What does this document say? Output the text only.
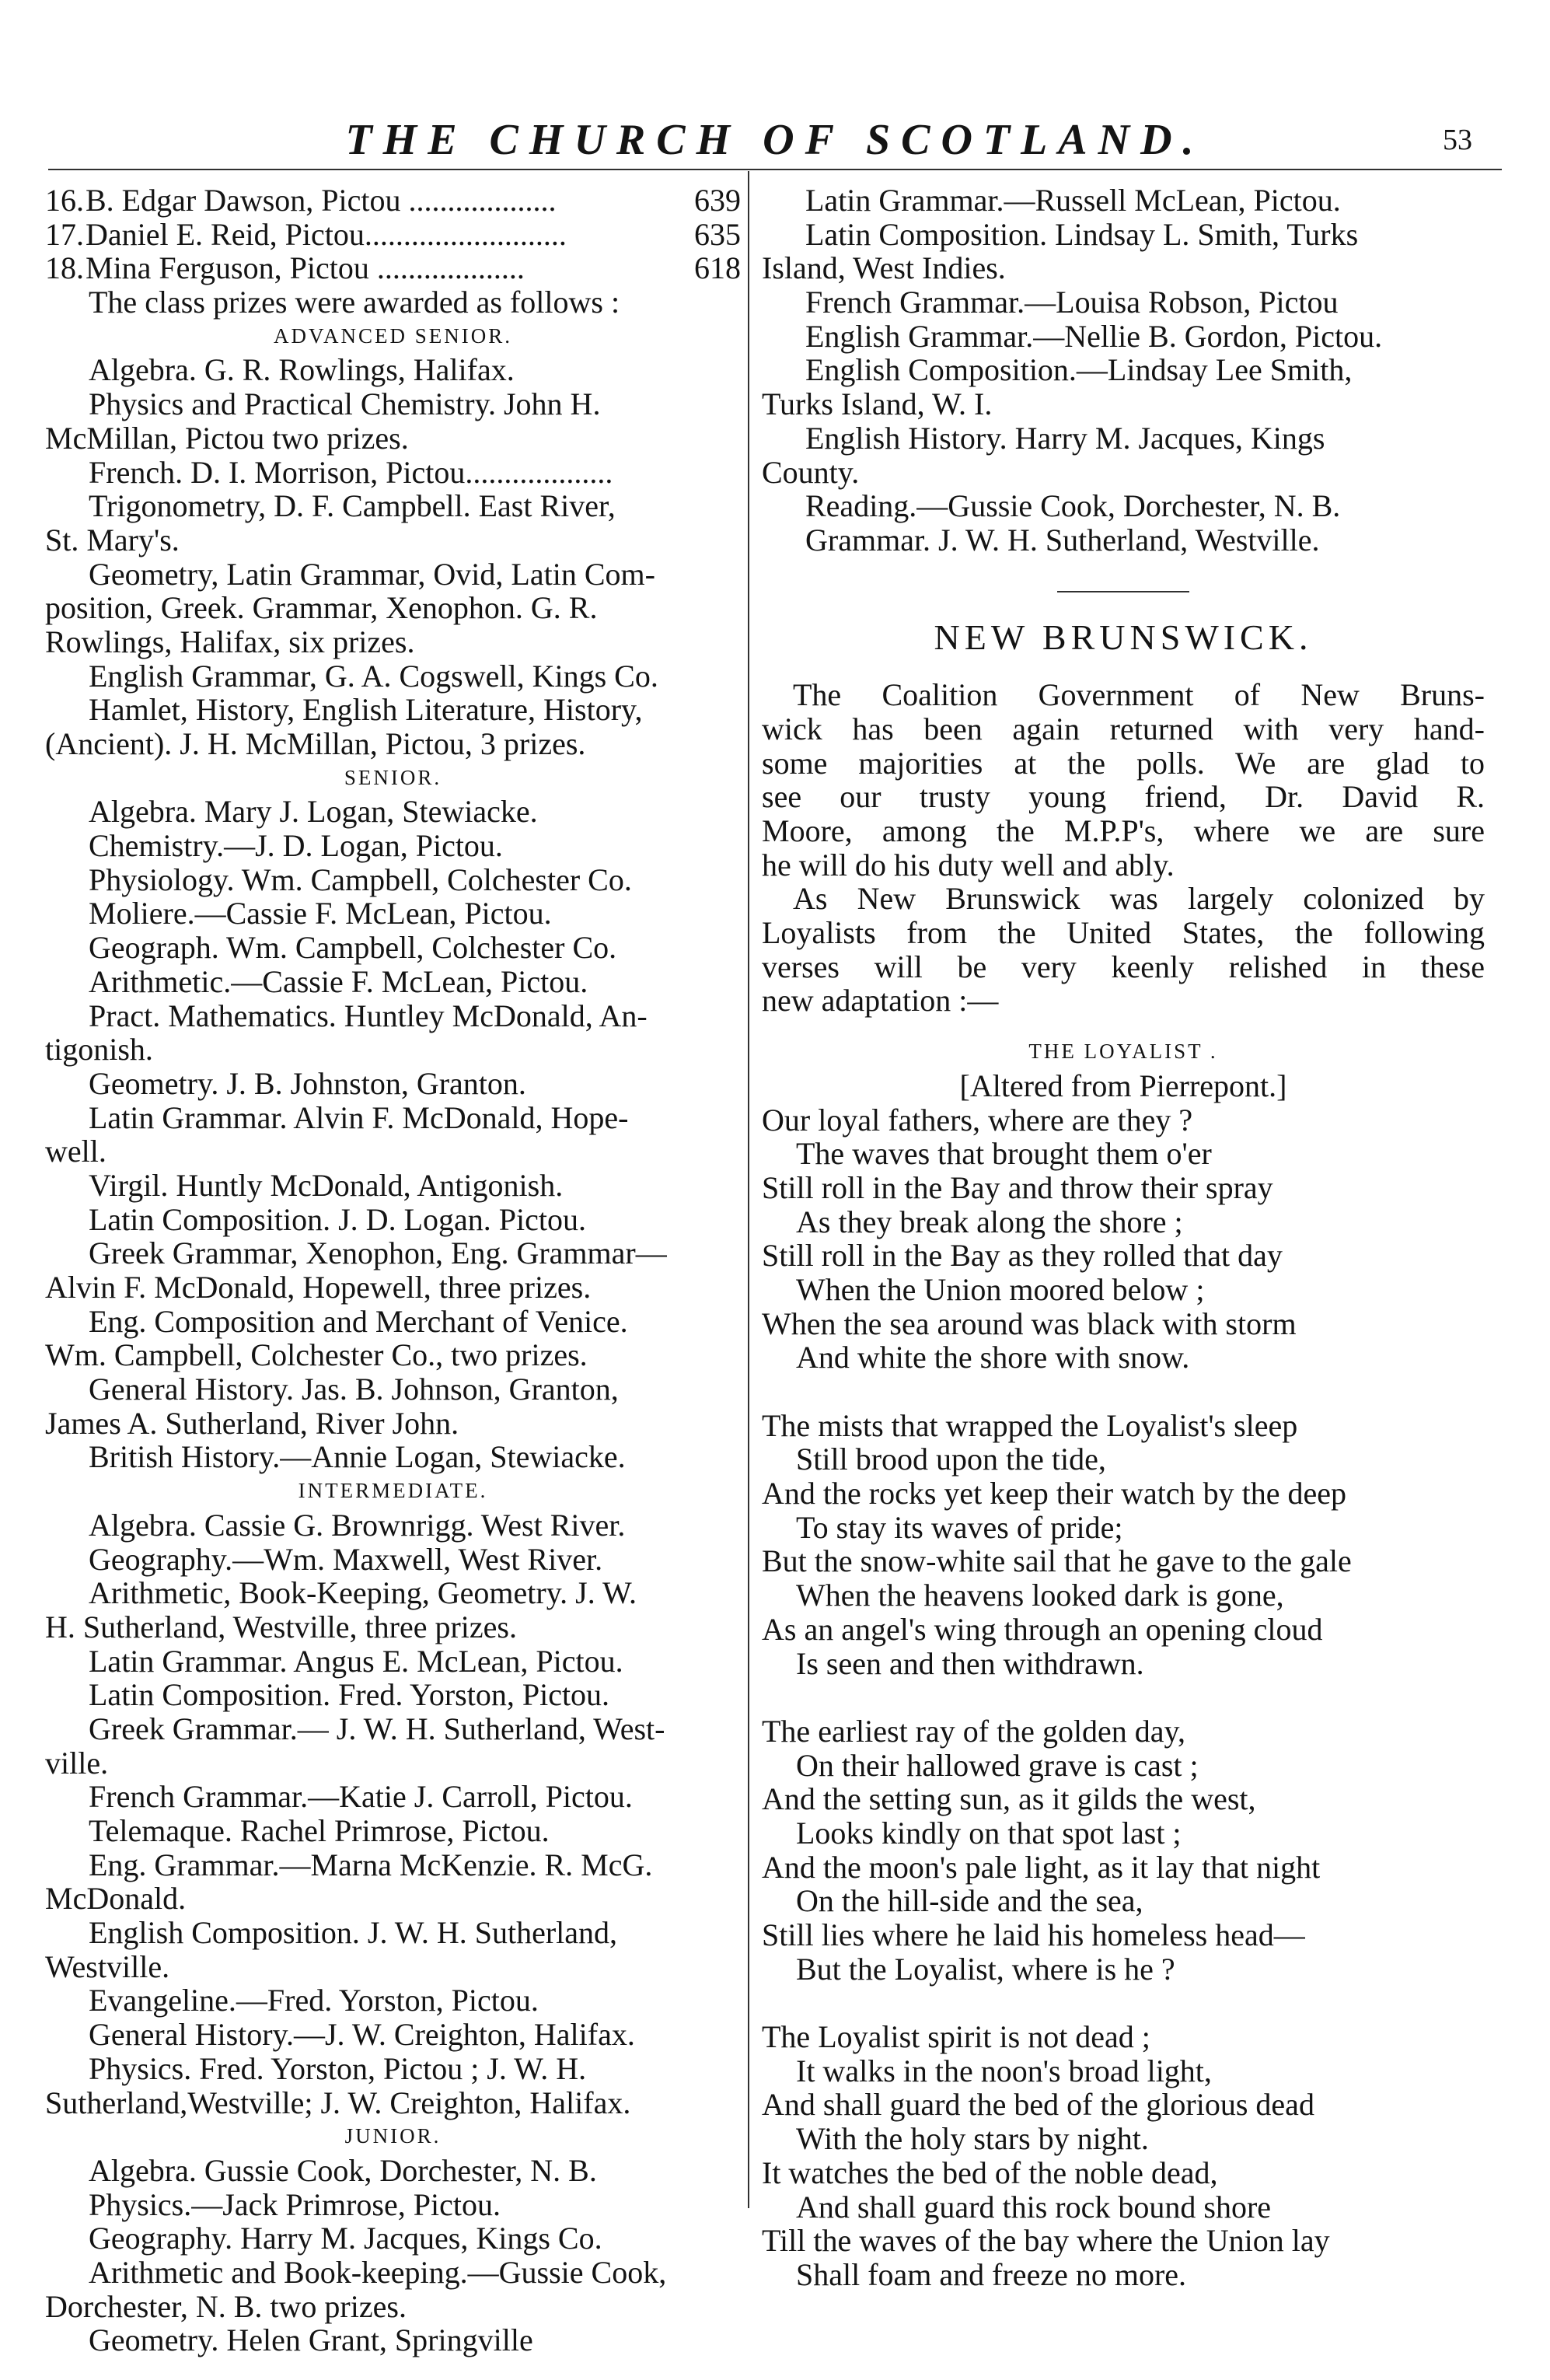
THE CHURCH OF SCOTLAND.	53
16. B. Edgar Dawson, Pictou ...................	639
17. Daniel E. Reid, Pictou..........................	635
18. Mina Ferguson, Pictou ...................	618
The class prizes were awarded as follows :
ADVANCED SENIOR.
Algebra. G. R. Rowlings, Halifax.
Physics and Practical Chemistry. John H.
McMillan, Pictou two prizes.
French. D. I. Morrison, Pictou...................
Trigonometry, D. F. Campbell. East River,
St. Mary's.
Geometry, Latin Grammar, Ovid, Latin Com-
position, Greek. Grammar, Xenophon. G. R.
Rowlings, Halifax, six prizes.
English Grammar, G. A. Cogswell, Kings Co.
Hamlet, History, English Literature, History,
(Ancient). J. H. McMillan, Pictou, 3 prizes.
SENIOR.
Algebra. Mary J. Logan, Stewiacke.
Chemistry.—J. D. Logan, Pictou.
Physiology. Wm. Campbell, Colchester Co.
Moliere.—Cassie F. McLean, Pictou.
Geograph. Wm. Campbell, Colchester Co.
Arithmetic.—Cassie F. McLean, Pictou.
Pract. Mathematics. Huntley McDonald, An-
tigonish.
Geometry. J. B. Johnston, Granton.
Latin Grammar. Alvin F. McDonald, Hope-
well.
Virgil. Huntly McDonald, Antigonish.
Latin Composition. J. D. Logan. Pictou.
Greek Grammar, Xenophon, Eng. Grammar—
Alvin F. McDonald, Hopewell, three prizes.
Eng. Composition and Merchant of Venice.
Wm. Campbell, Colchester Co., two prizes.
General History. Jas. B. Johnson, Granton,
James A. Sutherland, River John.
British History.—Annie Logan, Stewiacke.
INTERMEDIATE.
Algebra. Cassie G. Brownrigg. West River.
Geography.—Wm. Maxwell, West River.
Arithmetic, Book-Keeping, Geometry. J. W.
H. Sutherland, Westville, three prizes.
Latin Grammar. Angus E. McLean, Pictou.
Latin Composition. Fred. Yorston, Pictou.
Greek Grammar.— J. W. H. Sutherland, West-
ville.
French Grammar.—Katie J. Carroll, Pictou.
Telemaque. Rachel Primrose, Pictou.
Eng. Grammar.—Marna McKenzie. R. McG.
McDonald.
English Composition. J. W. H. Sutherland,
Westville.
Evangeline.—Fred. Yorston, Pictou.
General History.—J. W. Creighton, Halifax.
Physics. Fred. Yorston, Pictou ; J. W. H.
Sutherland,Westville; J. W. Creighton, Halifax.
JUNIOR.
Algebra. Gussie Cook, Dorchester, N. B.
Physics.—Jack Primrose, Pictou.
Geography. Harry M. Jacques, Kings Co.
Arithmetic and Book-keeping.—Gussie Cook,
Dorchester, N. B. two prizes.
Geometry. Helen Grant, Springville
Latin Grammar.—Russell McLean, Pictou.
Latin Composition. Lindsay L. Smith, Turks
Island, West Indies.
French Grammar.—Louisa Robson, Pictou
English Grammar.—Nellie B. Gordon, Pictou.
English Composition.—Lindsay Lee Smith,
Turks Island, W. I.
English History. Harry M. Jacques, Kings
County.
Reading.—Gussie Cook, Dorchester, N. B.
Grammar. J. W. H. Sutherland, Westville.
NEW BRUNSWICK.
The Coalition Government of New Bruns-
wick has been again returned with very hand-
some majorities at the polls. We are glad to
see our trusty young friend, Dr. David R.
Moore, among the M.P.P's, where we are sure
he will do his duty well and ably.
As New Brunswick was largely colonized by
Loyalists from the United States, the following
verses will be very keenly relished in these
new adaptation :—
THE LOYALIST .
[Altered from Pierrepont.]
Our loyal fathers, where are they ?
The waves that brought them o'er
Still roll in the Bay and throw their spray
As they break along the shore ;
Still roll in the Bay as they rolled that day
When the Union moored below ;
When the sea around was black with storm
And white the shore with snow.
The mists that wrapped the Loyalist's sleep
Still brood upon the tide,
And the rocks yet keep their watch by the deep
To stay its waves of pride;
But the snow-white sail that he gave to the gale
When the heavens looked dark is gone,
As an angel's wing through an opening cloud
Is seen and then withdrawn.
The earliest ray of the golden day,
On their hallowed grave is cast ;
And the setting sun, as it gilds the west,
Looks kindly on that spot last ;
And the moon's pale light, as it lay that night
On the hill-side and the sea,
Still lies where he laid his homeless head—
But the Loyalist, where is he ?
The Loyalist spirit is not dead ;
It walks in the noon's broad light,
And shall guard the bed of the glorious dead
With the holy stars by night.
It watches the bed of the noble dead,
And shall guard this rock bound shore
Till the waves of the bay where the Union lay
Shall foam and freeze no more.
